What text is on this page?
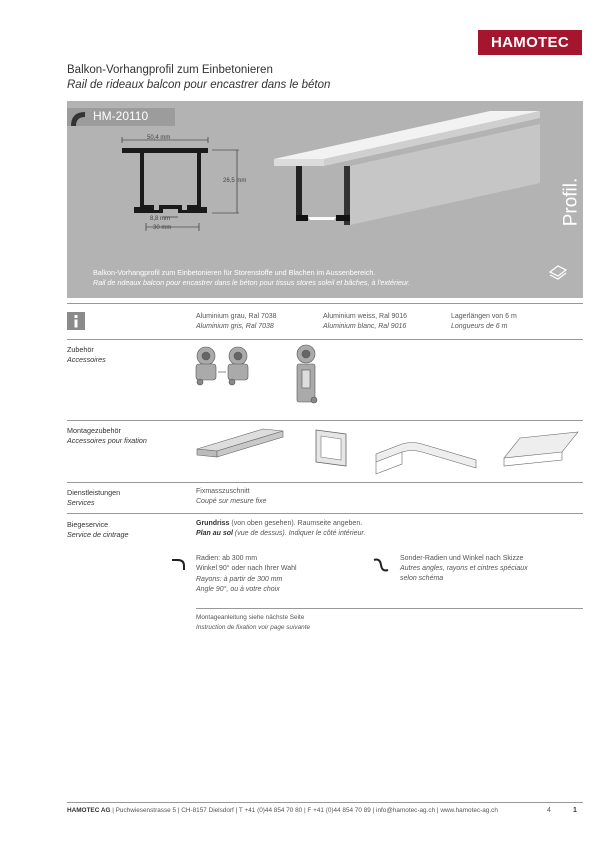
HAMOTEC
Balkon-Vorhangprofil zum Einbetonieren
Rail de rideaux balcon pour encastrer dans le béton
HM-20110
50,4 mm
26,5 mm
8,8 mm
30 mm
Profil.
Balkon-Vorhangprofil zum Einbetonieren für Storenstoffe und Blachen im Aussenbereich.
Rail de rideaux balcon pour encastrer dans le béton pour tissus stores soleil et bâches, à l'extérieur.
Aluminium grau, Ral 7038
Aluminium gris, Ral 7038
Aluminium weiss, Ral 9016
Aluminium blanc, Ral 9016
Lagerlängen von 6 m
Longueurs de 6 m
Zubehör
Accessoires
Montagezubehör
Accessoires pour fixation
Dienstleistungen
Services
Fixmasszuschnitt
Coupé sur mesure fixe
Biegeservice
Service de cintrage
Grundriss (von oben gesehen). Raumseite angeben.
Plan au sol (vue de dessus). Indiquer le côté intérieur.
Radien: ab 300 mm
Winkel 90° oder nach Ihrer Wahl
Rayons: à partir de 300 mm
Angle 90°, ou à votre choix
Sonder-Radien und Winkel nach Skizze
Autres angles, rayons et cintres spéciaux
selon schéma
Montageanleitung siehe nächste Seite
Instruction de fixation voir page suivante
HAMOTEC AG | Puchwiesenstrasse 5 | CH-8157 Dielsdorf | T +41 (0)44 854 70 80 | F +41 (0)44 854 70 89 | info@hamotec-ag.ch | www.hamotec-ag.ch	4	1
